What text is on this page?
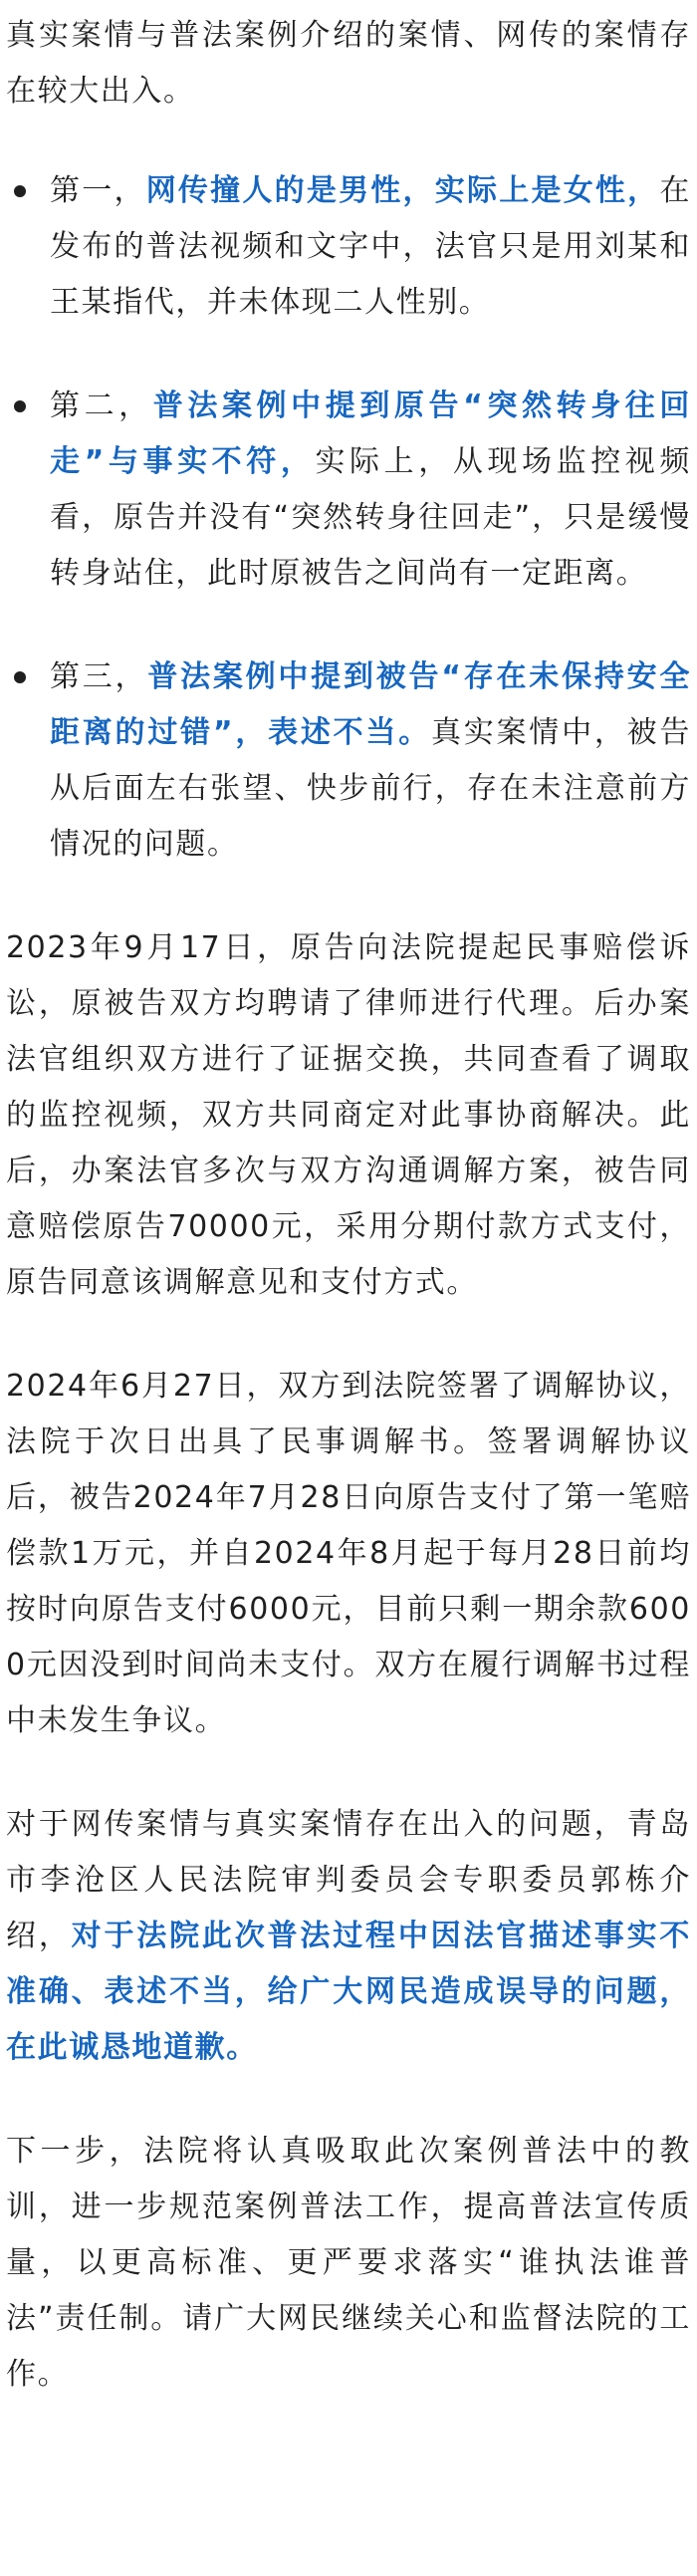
真实案情与普法案例介绍的案情、网传的案情存在较大出入。

第一，网传撞人的是男性，实际上是女性，在发布的普法视频和文字中，法官只是用刘某和王某指代，并未体现二人性别。
第二，普法案例中提到原告“突然转身往回走”与事实不符，实际上，从现场监控视频看，原告并没有“突然转身往回走”，只是缓慢转身站住，此时原被告之间尚有一定距离。
第三，普法案例中提到被告“存在未保持安全距离的过错”，表述不当。真实案情中，被告从后面左右张望、快步前行，存在未注意前方情况的问题。

2023年9月17日，原告向法院提起民事赔偿诉讼，原被告双方均聘请了律师进行代理。后办案法官组织双方进行了证据交换，共同查看了调取的监控视频，双方共同商定对此事协商解决。此后，办案法官多次与双方沟通调解方案，被告同意赔偿原告70000元，采用分期付款方式支付，原告同意该调解意见和支付方式。

2024年6月27日，双方到法院签署了调解协议，法院于次日出具了民事调解书。签署调解协议后，被告2024年7月28日向原告支付了第一笔赔偿款1万元，并自2024年8月起于每月28日前均按时向原告支付6000元，目前只剩一期余款6000元因没到时间尚未支付。双方在履行调解书过程中未发生争议。

对于网传案情与真实案情存在出入的问题，青岛市李沧区人民法院审判委员会专职委员郭栋介绍，对于法院此次普法过程中因法官描述事实不准确、表述不当，给广大网民造成误导的问题，在此诚恳地道歉。

下一步，法院将认真吸取此次案例普法中的教训，进一步规范案例普法工作，提高普法宣传质量，以更高标准、更严要求落实“谁执法谁普法”责任制。请广大网民继续关心和监督法院的工作。
